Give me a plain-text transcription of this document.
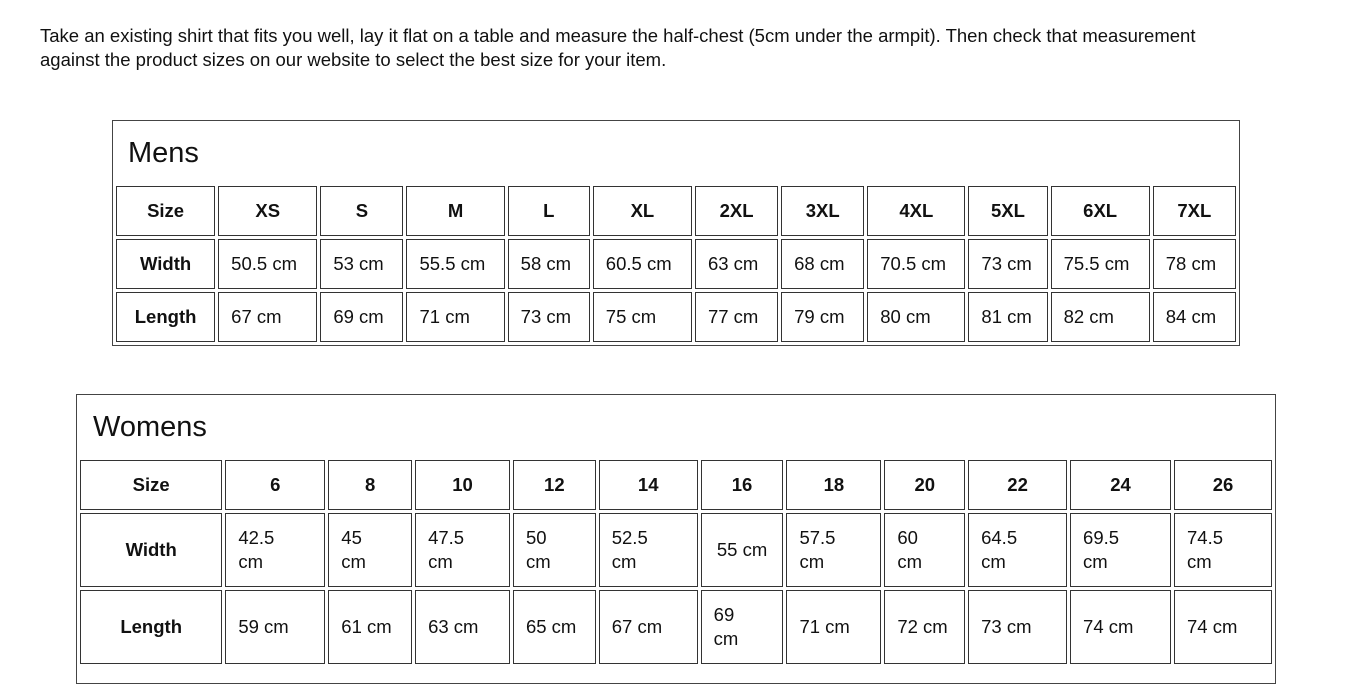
Take an existing shirt that fits you well, lay it flat on a table and measure the half-chest (5cm under the armpit). Then check that measurement against the product sizes on our website to select the best size for your item.

Mens
Size	XS	S	M	L	XL	2XL	3XL	4XL	5XL	6XL	7XL
Width	50.5 cm	53 cm	55.5 cm	58 cm	60.5 cm	63 cm	68 cm	70.5 cm	73 cm	75.5 cm	78 cm
Length	67 cm	69 cm	71 cm	73 cm	75 cm	77 cm	79 cm	80 cm	81 cm	82 cm	84 cm
Womens
Size	6	8	10	12	14	16	18	20	22	24	26
Width	42.5 cm	45 cm	47.5 cm	50 cm	52.5 cm	55 cm	57.5 cm	60 cm	64.5 cm	69.5 cm	74.5 cm
Length	59 cm	61 cm	63 cm	65 cm	67 cm	69 cm	71 cm	72 cm	73 cm	74 cm	74 cm
